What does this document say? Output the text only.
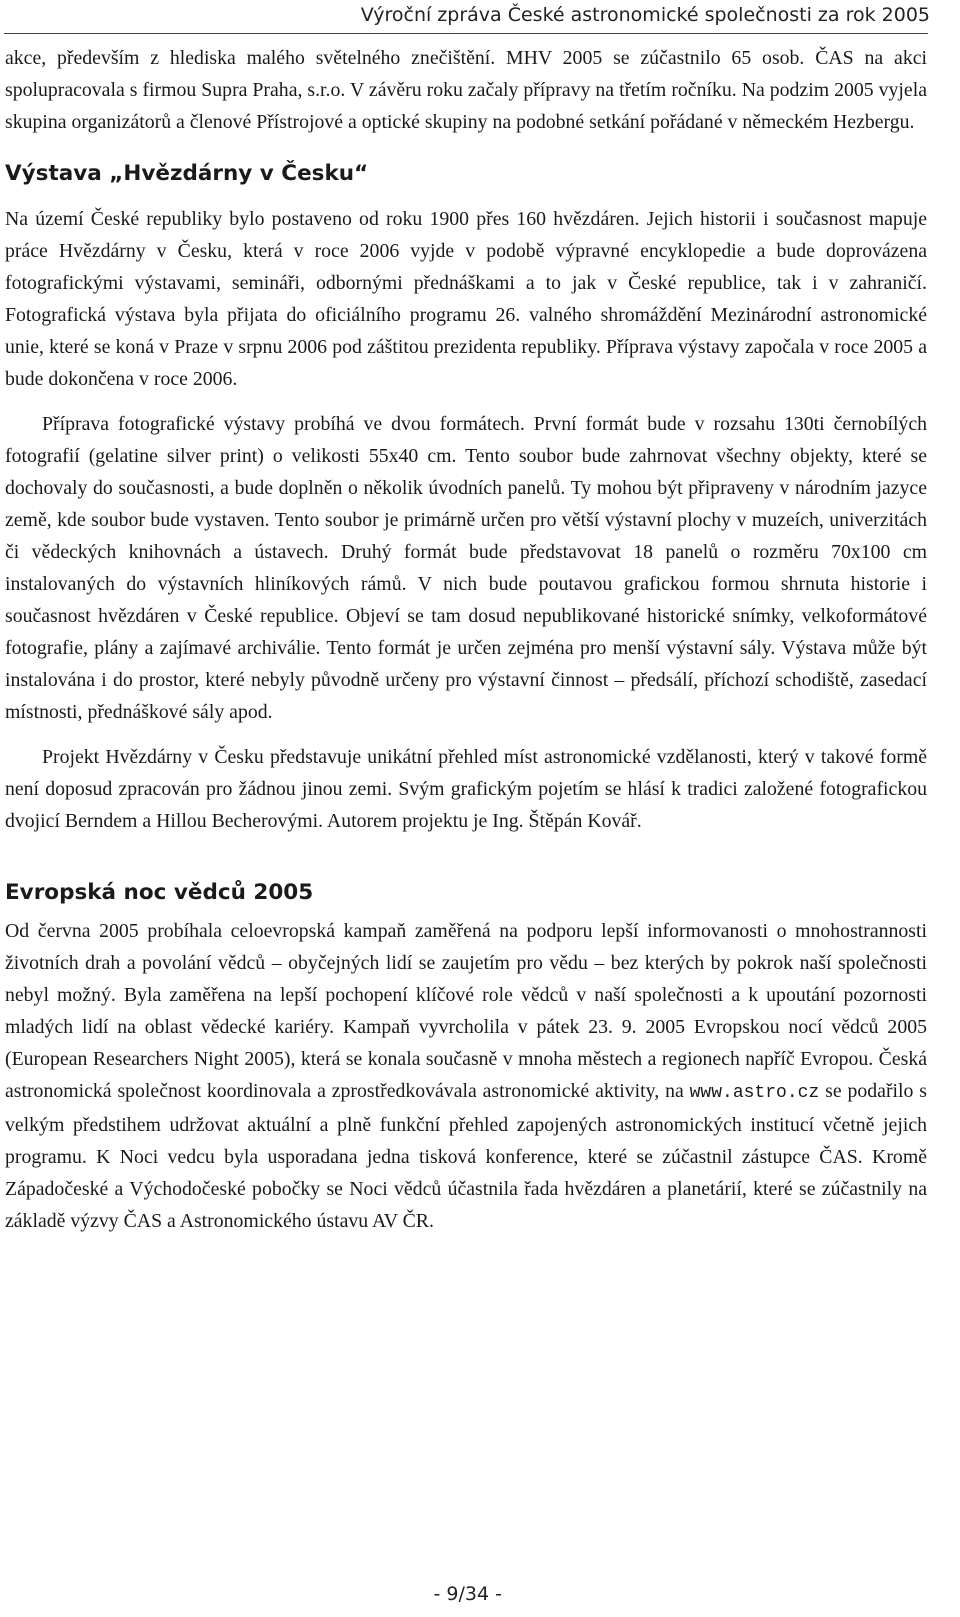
Výroční zpráva České astronomické společnosti za rok 2005

akce, především z hlediska malého světelného znečištění. MHV 2005 se zúčastnilo 65 osob. ČAS na akci spolupracovala s firmou Supra Praha, s.r.o. V závěru roku začaly přípravy na třetím ročníku. Na podzim 2005 vyjela skupina organizátorů a členové Přístrojové a optické skupiny na podobné setkání pořádané v německém Hezbergu.

Výstava „Hvězdárny v Česku“

Na území České republiky bylo postaveno od roku 1900 přes 160 hvězdáren. Jejich historii i současnost mapuje práce Hvězdárny v Česku, která v roce 2006 vyjde v podobě výpravné encyklopedie a bude doprovázena fotografickými výstavami, semináři, odbornými přednáškami a to jak v České republice, tak i v zahraničí. Fotografická výstava byla přijata do oficiálního programu 26. valného shromáždění Mezinárodní astronomické unie, které se koná v Praze v srpnu 2006 pod záštitou prezidenta republiky. Příprava výstavy započala v roce 2005 a bude dokončena v roce 2006.

Příprava fotografické výstavy probíhá ve dvou formátech. První formát bude v rozsahu 130ti černobílých fotografií (gelatine silver print) o velikosti 55x40 cm. Tento soubor bude zahrnovat všechny objekty, které se dochovaly do současnosti, a bude doplněn o několik úvodních panelů. Ty mohou být připraveny v národním jazyce země, kde soubor bude vystaven. Tento soubor je primárně určen pro větší výstavní plochy v muzeích, univerzitách či vědeckých knihovnách a ústavech. Druhý formát bude představovat 18 panelů o rozměru 70x100 cm instalovaných do výstavních hliníkových rámů. V nich bude poutavou grafickou formou shrnuta historie i současnost hvězdáren v České republice. Objeví se tam dosud nepublikované historické snímky, velkoformátové fotografie, plány a zajímavé archiválie. Tento formát je určen zejména pro menší výstavní sály. Výstava může být instalována i do prostor, které nebyly původně určeny pro výstavní činnost – předsálí, příchozí schodiště, zasedací místnosti, přednáškové sály apod.

Projekt Hvězdárny v Česku představuje unikátní přehled míst astronomické vzdělanosti, který v takové formě není doposud zpracován pro žádnou jinou zemi. Svým grafickým pojetím se hlásí k tradici založené fotografickou dvojicí Berndem a Hillou Becherovými. Autorem projektu je Ing. Štěpán Kovář.

Evropská noc vědců 2005

Od června 2005 probíhala celoevropská kampaň zaměřená na podporu lepší informovanosti o mnohostrannosti životních drah a povolání vědců – obyčejných lidí se zaujetím pro vědu – bez kterých by pokrok naší společnosti nebyl možný. Byla zaměřena na lepší pochopení klíčové role vědců v naší společnosti a k upoutání pozornosti mladých lidí na oblast vědecké kariéry. Kampaň vyvrcholila v pátek 23. 9. 2005 Evropskou nocí vědců 2005 (European Researchers Night 2005), která se konala současně v mnoha městech a regionech napříč Evropou. Česká astronomická společnost koordinovala a zprostředkovávala astronomické aktivity, na www.astro.cz se podařilo s velkým předstihem udržovat aktuální a plně funkční přehled zapojených astronomických institucí včetně jejich programu. K Noci vedcu byla usporadana jedna tisková konference, které se zúčastnil zástupce ČAS. Kromě Západočeské a Východočeské pobočky se Noci vědců účastnila řada hvězdáren a planetárií, které se zúčastnily na základě výzvy ČAS a Astronomického ústavu AV ČR.

- 9/34 -
